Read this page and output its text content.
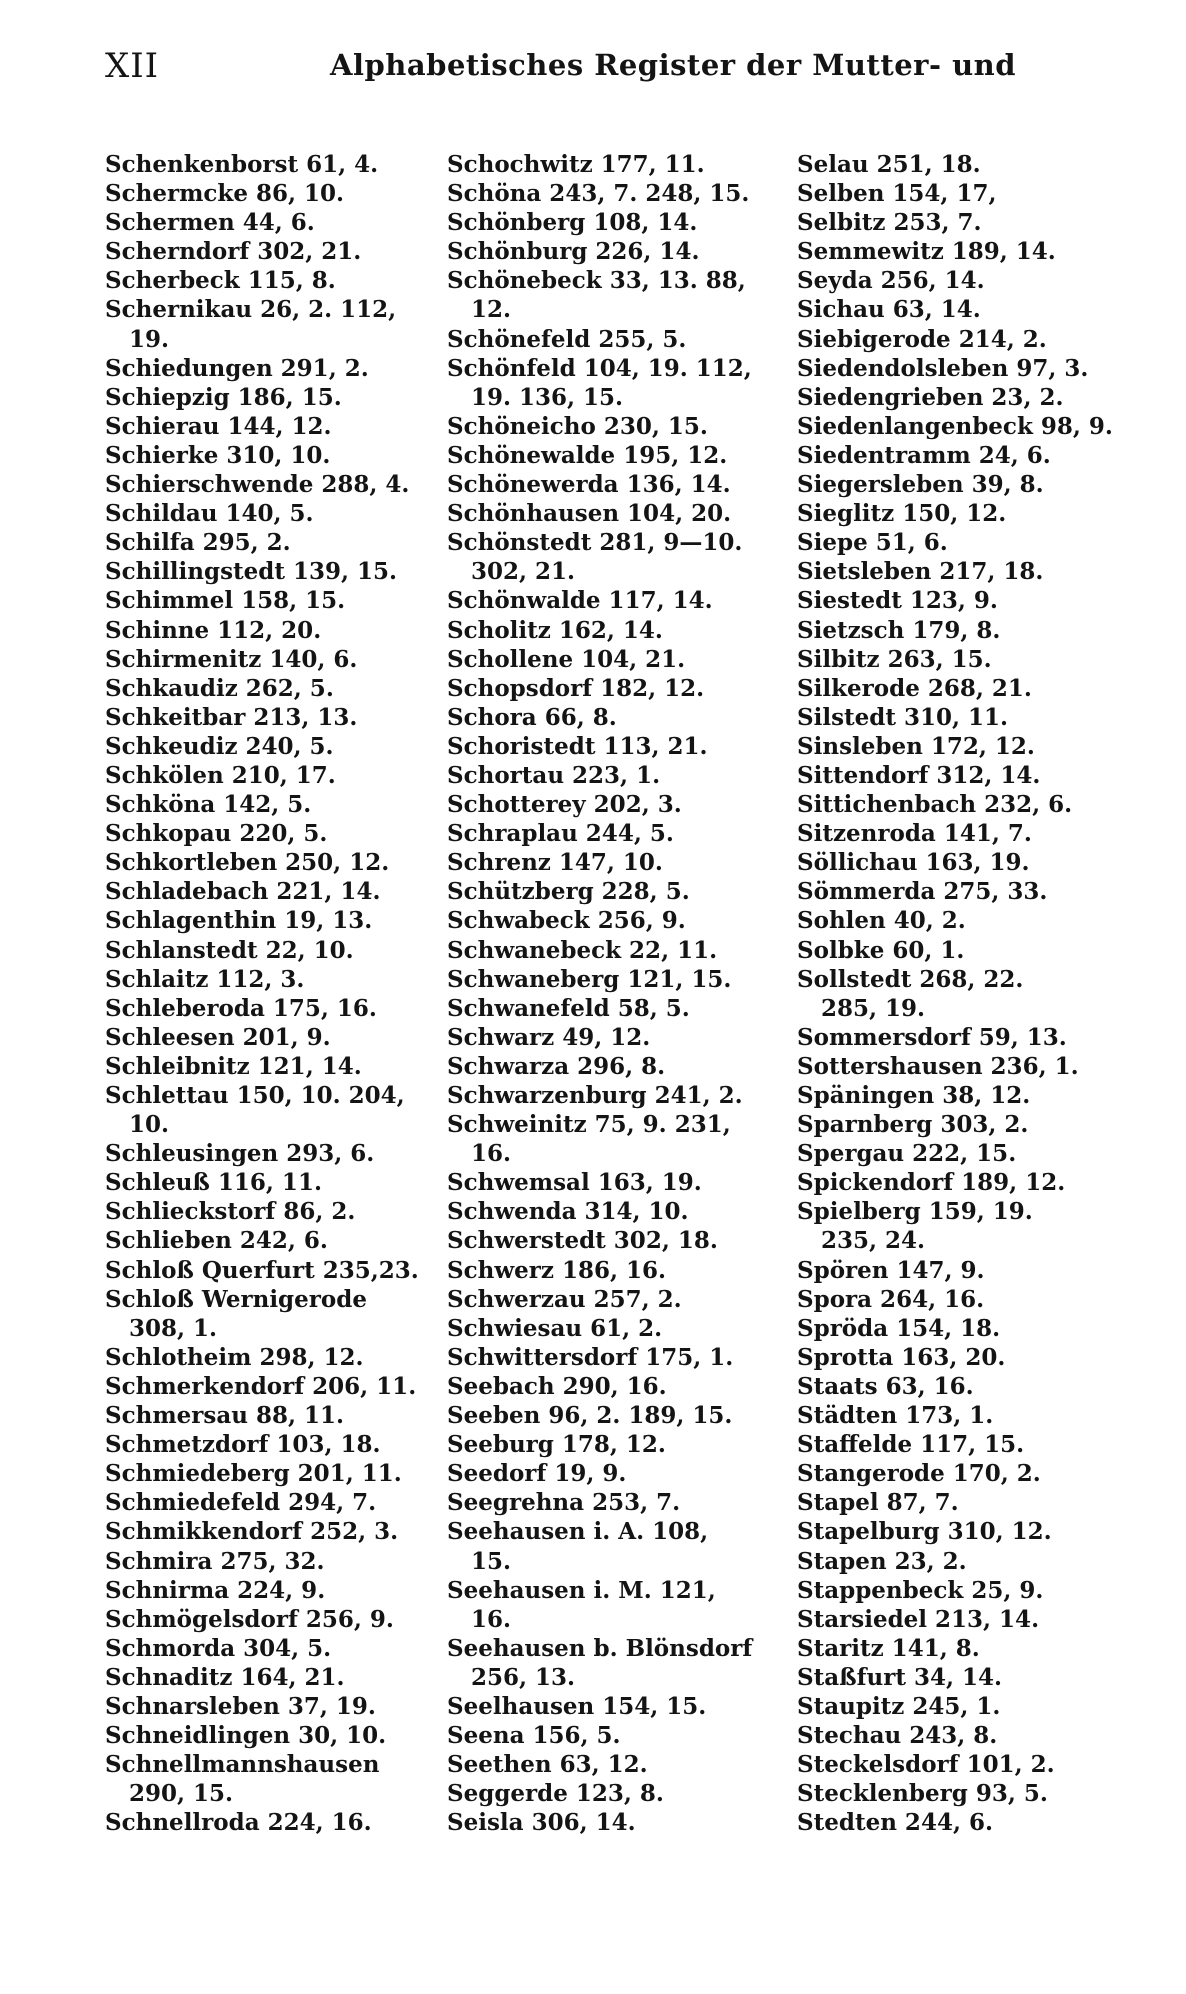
XII	Alphabetisches Register der Mutter- und
Schenkenborst 61, 4.
Schermcke 86, 10.
Schermen 44, 6.
Scherndorf 302, 21.
Scherbeck 115, 8.
Schernikau 26, 2. 112,
19.
Schiedungen 291, 2.
Schiepzig 186, 15.
Schierau 144, 12.
Schierke 310, 10.
Schierschwende 288, 4.
Schildau 140, 5.
Schilfa 295, 2.
Schillingstedt 139, 15.
Schimmel 158, 15.
Schinne 112, 20.
Schirmenitz 140, 6.
Schkaudiz 262, 5.
Schkeitbar 213, 13.
Schkeudiz 240, 5.
Schkölen 210, 17.
Schköna 142, 5.
Schkopau 220, 5.
Schkortleben 250, 12.
Schladebach 221, 14.
Schlagenthin 19, 13.
Schlanstedt 22, 10.
Schlaitz 112, 3.
Schleberoda 175, 16.
Schleesen 201, 9.
Schleibnitz 121, 14.
Schlettau 150, 10. 204,
10.
Schleusingen 293, 6.
Schleuß 116, 11.
Schlieckstorf 86, 2.
Schlieben 242, 6.
Schloß Querfurt 235,23.
Schloß Wernigerode
308, 1.
Schlotheim 298, 12.
Schmerkendorf 206, 11.
Schmersau 88, 11.
Schmetzdorf 103, 18.
Schmiedeberg 201, 11.
Schmiedefeld 294, 7.
Schmikkendorf 252, 3.
Schmira 275, 32.
Schnirma 224, 9.
Schmögelsdorf 256, 9.
Schmorda 304, 5.
Schnaditz 164, 21.
Schnarsleben 37, 19.
Schneidlingen 30, 10.
Schnellmannshausen
290, 15.
Schnellroda 224, 16.
Schochwitz 177, 11.
Schöna 243, 7. 248, 15.
Schönberg 108, 14.
Schönburg 226, 14.
Schönebeck 33, 13. 88,
12.
Schönefeld 255, 5.
Schönfeld 104, 19. 112,
19. 136, 15.
Schöneicho 230, 15.
Schönewalde 195, 12.
Schönewerda 136, 14.
Schönhausen 104, 20.
Schönstedt 281, 9—10.
302, 21.
Schönwalde 117, 14.
Scholitz 162, 14.
Schollene 104, 21.
Schopsdorf 182, 12.
Schora 66, 8.
Schoristedt 113, 21.
Schortau 223, 1.
Schotterey 202, 3.
Schraplau 244, 5.
Schrenz 147, 10.
Schützberg 228, 5.
Schwabeck 256, 9.
Schwanebeck 22, 11.
Schwaneberg 121, 15.
Schwanefeld 58, 5.
Schwarz 49, 12.
Schwarza 296, 8.
Schwarzenburg 241, 2.
Schweinitz 75, 9. 231,
16.
Schwemsal 163, 19.
Schwenda 314, 10.
Schwerstedt 302, 18.
Schwerz 186, 16.
Schwerzau 257, 2.
Schwiesau 61, 2.
Schwittersdorf 175, 1.
Seebach 290, 16.
Seeben 96, 2. 189, 15.
Seeburg 178, 12.
Seedorf 19, 9.
Seegrehna 253, 7.
Seehausen i. A. 108,
15.
Seehausen i. M. 121,
16.
Seehausen b. Blönsdorf
256, 13.
Seelhausen 154, 15.
Seena 156, 5.
Seethen 63, 12.
Seggerde 123, 8.
Seisla 306, 14.
Selau 251, 18.
Selben 154, 17,
Selbitz 253, 7.
Semmewitz 189, 14.
Seyda 256, 14.
Sichau 63, 14.
Siebigerode 214, 2.
Siedendolsleben 97, 3.
Siedengrieben 23, 2.
Siedenlangenbeck 98, 9.
Siedentramm 24, 6.
Siegersleben 39, 8.
Sieglitz 150, 12.
Siepe 51, 6.
Sietsleben 217, 18.
Siestedt 123, 9.
Sietzsch 179, 8.
Silbitz 263, 15.
Silkerode 268, 21.
Silstedt 310, 11.
Sinsleben 172, 12.
Sittendorf 312, 14.
Sittichenbach 232, 6.
Sitzenroda 141, 7.
Söllichau 163, 19.
Sömmerda 275, 33.
Sohlen 40, 2.
Solbke 60, 1.
Sollstedt 268, 22.
285, 19.
Sommersdorf 59, 13.
Sottershausen 236, 1.
Späningen 38, 12.
Sparnberg 303, 2.
Spergau 222, 15.
Spickendorf 189, 12.
Spielberg 159, 19.
235, 24.
Spören 147, 9.
Spora 264, 16.
Spröda 154, 18.
Sprotta 163, 20.
Staats 63, 16.
Städten 173, 1.
Staffelde 117, 15.
Stangerode 170, 2.
Stapel 87, 7.
Stapelburg 310, 12.
Stapen 23, 2.
Stappenbeck 25, 9.
Starsiedel 213, 14.
Staritz 141, 8.
Staßfurt 34, 14.
Staupitz 245, 1.
Stechau 243, 8.
Steckelsdorf 101, 2.
Stecklenberg 93, 5.
Stedten 244, 6.
